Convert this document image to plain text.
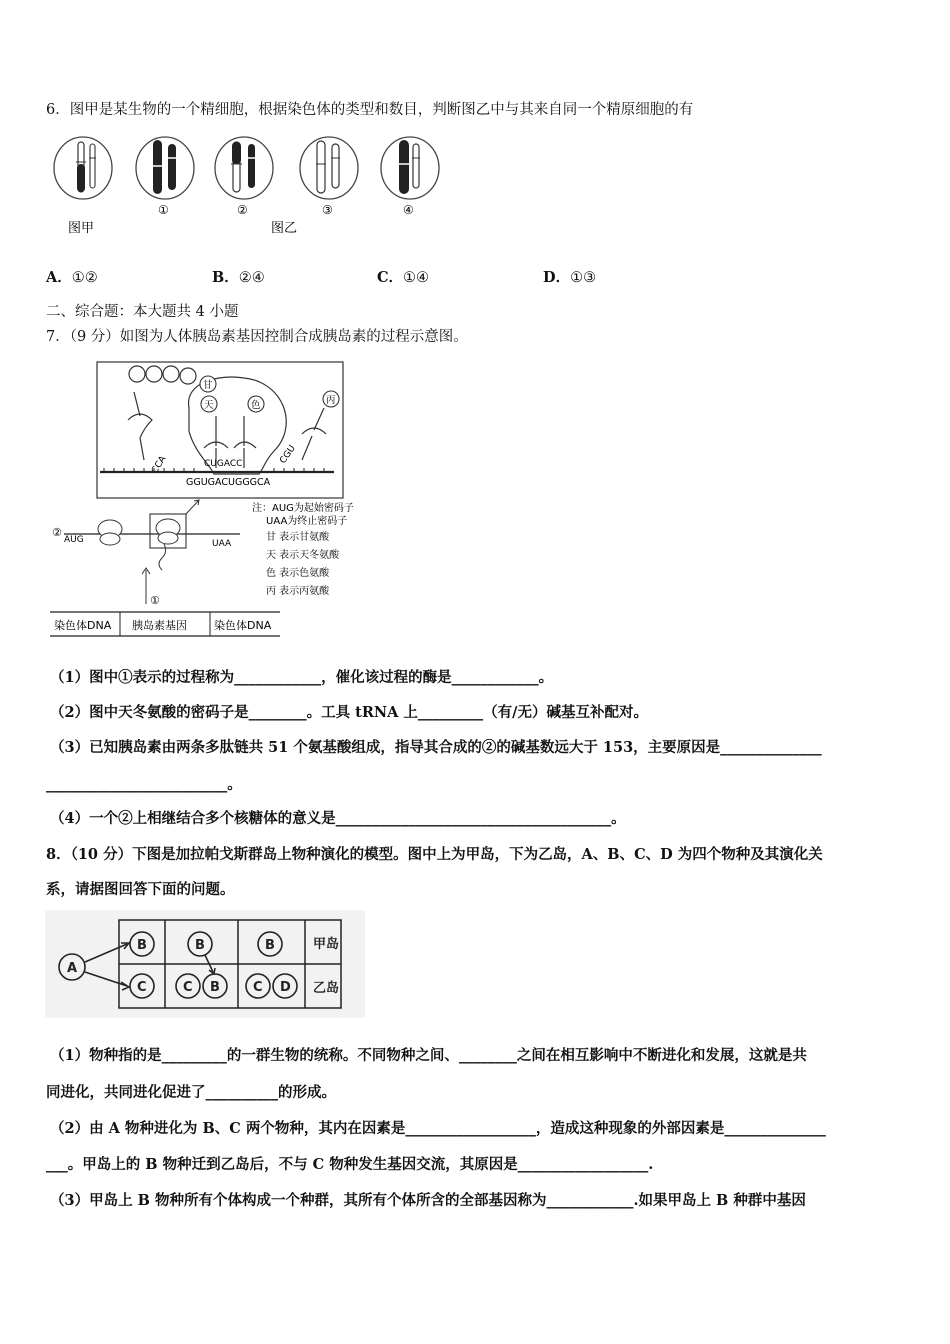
6．图甲是某生物的一个精细胞，根据染色体的类型和数目，判断图乙中与其来自同一个精原细胞的有
①	②	③	④
图甲	图乙
A．①②	B．②④	C．①④	D．①③
二、综合题：本大题共 4 小题
7．（9 分）如图为人体胰岛素基因控制合成胰岛素的过程示意图。
甘
天	色	丙
CCA	CUGACC	CGU
GGUGACUGGGCA
②
AUG	UAA
①
注：AUG为起始密码子
UAA为终止密码子
甘 表示甘氨酸
天 表示天冬氨酸
色 表示色氨酸
丙 表示丙氨酸
染色体DNA 胰岛素基因 染色体DNA
（1）图中①表示的过程称为____________，催化该过程的酶是____________。
（2）图中天冬氨酸的密码子是________。工具 tRNA 上_________（有/无）碱基互补配对。
（3）已知胰岛素由两条多肽链共 51 个氨基酸组成，指导其合成的②的碱基数远大于 153，主要原因是______________
_________________________。
（4）一个②上相继结合多个核糖体的意义是______________________________________。
8．（10 分）下图是加拉帕戈斯群岛上物种演化的模型。图中上为甲岛，下为乙岛，A、B、C、D 为四个物种及其演化关
系，请据图回答下面的问题。
A
B	B	B
C	C B	C D
甲岛
乙岛
（1）物种指的是_________的一群生物的统称。不同物种之间、________之间在相互影响中不断进化和发展，这就是共
同进化，共同进化促进了__________的形成。
（2）由 A 物种进化为 B、C 两个物种，其内在因素是__________________，造成这种现象的外部因素是______________
___。甲岛上的 B 物种迁到乙岛后，不与 C 物种发生基因交流，其原因是__________________.
（3）甲岛上 B 物种所有个体构成一个种群，其所有个体所含的全部基因称为____________.如果甲岛上 B 种群中基因
